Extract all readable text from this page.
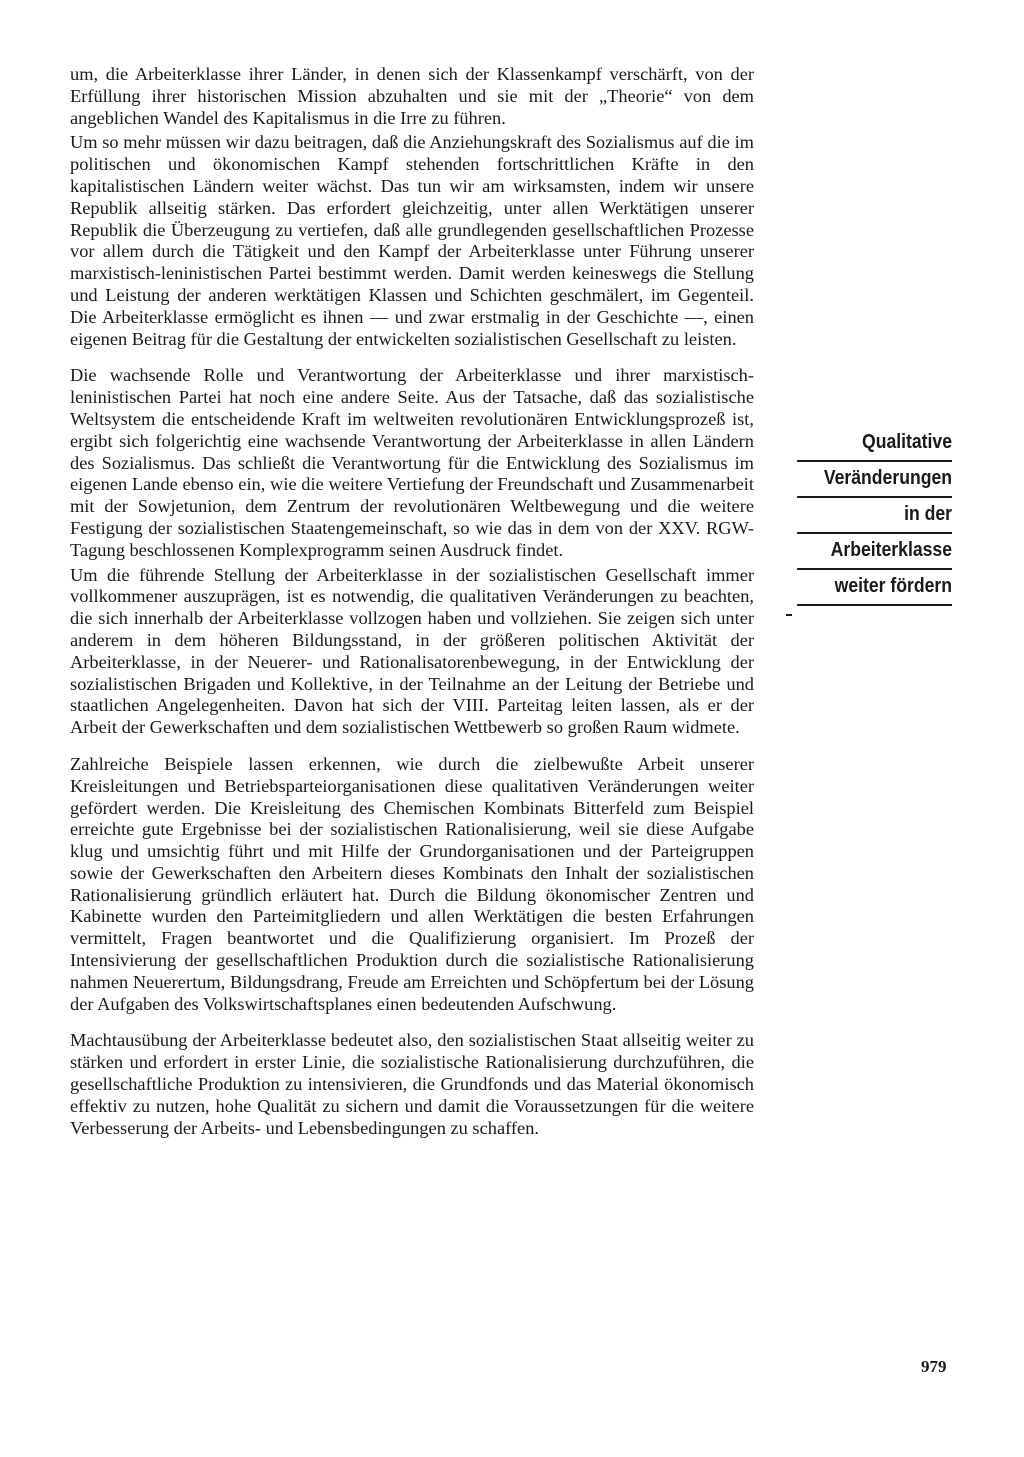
um, die Arbeiterklasse ihrer Länder, in denen sich der Klassenkampf verschärft, von der Erfüllung ihrer historischen Mission abzuhalten und sie mit der „Theorie“ von dem angeblichen Wandel des Kapitalismus in die Irre zu führen.

Um so mehr müssen wir dazu beitragen, daß die Anziehungskraft des Sozialismus auf die im politischen und ökonomischen Kampf stehenden fortschrittlichen Kräfte in den kapitalistischen Ländern weiter wächst. Das tun wir am wirksamsten, indem wir unsere Republik allseitig stärken. Das erfordert gleichzeitig, unter allen Werktätigen unserer Republik die Überzeugung zu vertiefen, daß alle grundlegenden gesellschaftlichen Prozesse vor allem durch die Tätigkeit und den Kampf der Arbeiterklasse unter Führung unserer marxistisch-leninistischen Partei bestimmt werden. Damit werden keineswegs die Stellung und Leistung der anderen werktätigen Klassen und Schichten geschmälert, im Gegenteil. Die Arbeiterklasse ermöglicht es ihnen — und zwar erstmalig in der Geschichte —, einen eigenen Beitrag für die Gestaltung der entwickelten sozialistischen Gesellschaft zu leisten.

Die wachsende Rolle und Verantwortung der Arbeiterklasse und ihrer marxistisch-leninistischen Partei hat noch eine andere Seite. Aus der Tatsache, daß das sozialistische Weltsystem die entscheidende Kraft im weltweiten revolutionären Entwicklungsprozeß ist, ergibt sich folgerichtig eine wachsende Verantwortung der Arbeiterklasse in allen Ländern des Sozialismus. Das schließt die Verantwortung für die Entwicklung des Sozialismus im eigenen Lande ebenso ein, wie die weitere Vertiefung der Freundschaft und Zusammenarbeit mit der Sowjetunion, dem Zentrum der revolutionären Weltbewegung und die weitere Festigung der sozialistischen Staatengemeinschaft, so wie das in dem von der XXV. RGW-Tagung beschlossenen Komplexprogramm seinen Ausdruck findet.

Um die führende Stellung der Arbeiterklasse in der sozialistischen Gesellschaft immer vollkommener auszuprägen, ist es notwendig, die qualitativen Veränderungen zu beachten, die sich innerhalb der Arbeiterklasse vollzogen haben und vollziehen. Sie zeigen sich unter anderem in dem höheren Bildungsstand, in der größeren politischen Aktivität der Arbeiterklasse, in der Neuerer- und Rationalisatorenbewegung, in der Entwicklung der sozialistischen Brigaden und Kollektive, in der Teilnahme an der Leitung der Betriebe und staatlichen Angelegenheiten. Davon hat sich der VIII. Parteitag leiten lassen, als er der Arbeit der Gewerkschaften und dem sozialistischen Wettbewerb so großen Raum widmete.

Zahlreiche Beispiele lassen erkennen, wie durch die zielbewußte Arbeit unserer Kreisleitungen und Betriebsparteiorganisationen diese qualitativen Veränderungen weiter gefördert werden. Die Kreisleitung des Chemischen Kombinats Bitterfeld zum Beispiel erreichte gute Ergebnisse bei der sozialistischen Rationalisierung, weil sie diese Aufgabe klug und umsichtig führt und mit Hilfe der Grundorganisationen und der Parteigruppen sowie der Gewerkschaften den Arbeitern dieses Kombinats den Inhalt der sozialistischen Rationalisierung gründlich erläutert hat. Durch die Bildung ökonomischer Zentren und Kabinette wurden den Parteimitgliedern und allen Werktätigen die besten Erfahrungen vermittelt, Fragen beantwortet und die Qualifizierung organisiert. Im Prozeß der Intensivierung der gesellschaftlichen Produktion durch die sozialistische Rationalisierung nahmen Neuerertum, Bildungsdrang, Freude am Erreichten und Schöpfertum bei der Lösung der Aufgaben des Volkswirtschaftsplanes einen bedeutenden Aufschwung.

Machtausübung der Arbeiterklasse bedeutet also, den sozialistischen Staat allseitig weiter zu stärken und erfordert in erster Linie, die sozialistische Rationalisierung durchzuführen, die gesellschaftliche Produktion zu intensivieren, die Grundfonds und das Material ökonomisch effektiv zu nutzen, hohe Qualität zu sichern und damit die Voraussetzungen für die weitere Verbesserung der Arbeits- und Lebensbedingungen zu schaffen.

Qualitative
Veränderungen
in der
Arbeiterklasse
weiter fördern
979
